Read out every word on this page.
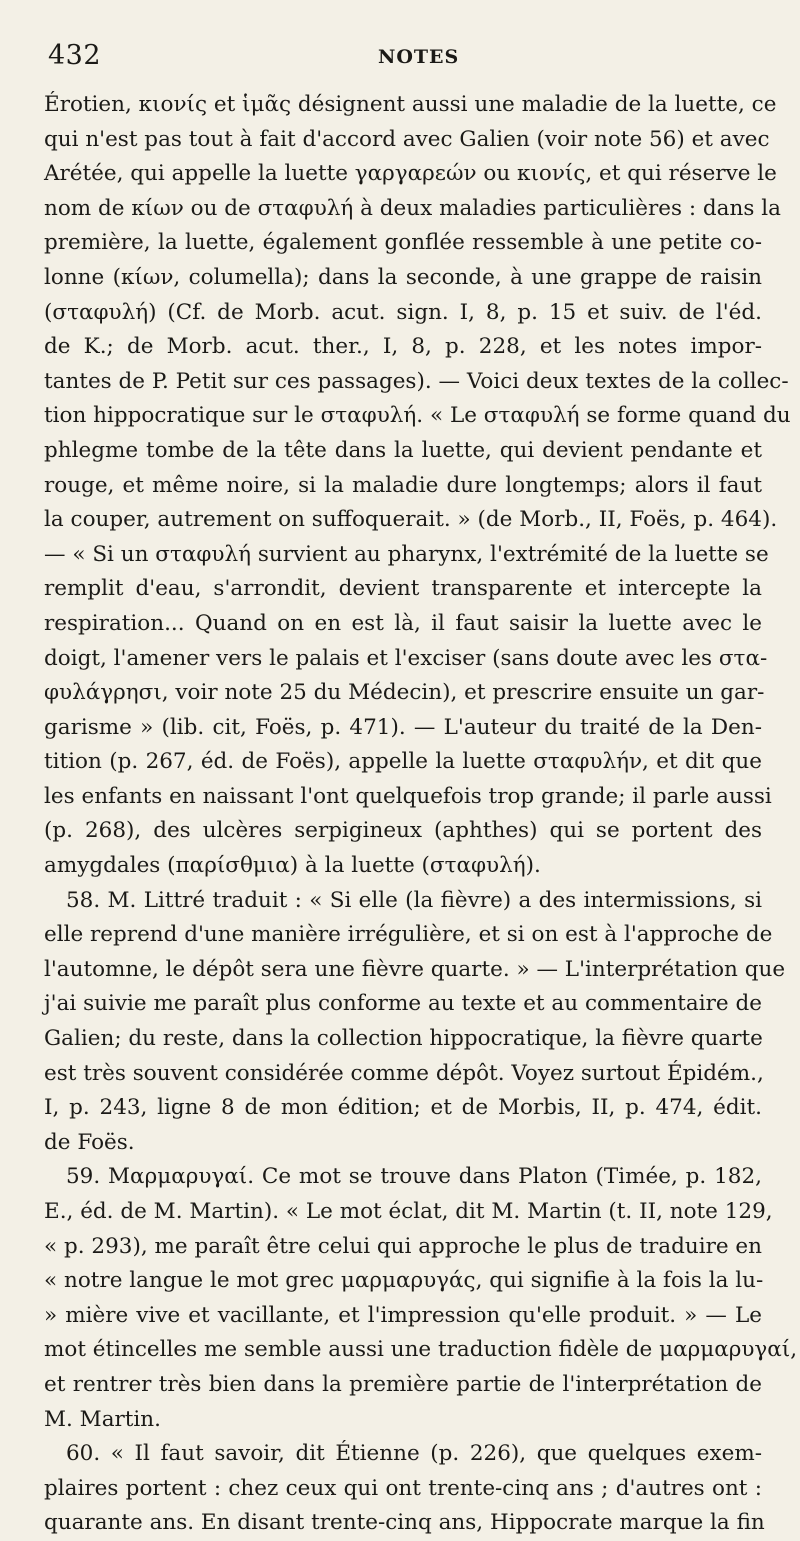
432	NOTES
Érotien, κιονίς et ἱμᾶς désignent aussi une maladie de la luette, ce
qui n'est pas tout à fait d'accord avec Galien (voir note 56) et avec
Arétée, qui appelle la luette γαργαρεών ou κιονίς, et qui réserve le
nom de κίων ou de σταφυλή à deux maladies particulières : dans la
première, la luette, également gonflée ressemble à une petite co-
lonne (κίων, columella); dans la seconde, à une grappe de raisin
(σταφυλή) (Cf. de Morb. acut. sign. I, 8, p. 15 et suiv. de l'éd.
de K.; de Morb. acut. ther., I, 8, p. 228, et les notes impor-
tantes de P. Petit sur ces passages). — Voici deux textes de la collec-
tion hippocratique sur le σταφυλή. « Le σταφυλή se forme quand du
phlegme tombe de la tête dans la luette, qui devient pendante et
rouge, et même noire, si la maladie dure longtemps; alors il faut
la couper, autrement on suffoquerait. » (de Morb., II, Foës, p. 464).
— « Si un σταφυλή survient au pharynx, l'extrémité de la luette se
remplit d'eau, s'arrondit, devient transparente et intercepte la
respiration... Quand on en est là, il faut saisir la luette avec le
doigt, l'amener vers le palais et l'exciser (sans doute avec les στα-
φυλάγρησι, voir note 25 du Médecin), et prescrire ensuite un gar-
garisme » (lib. cit, Foës, p. 471). — L'auteur du traité de la Den-
tition (p. 267, éd. de Foës), appelle la luette σταφυλήν, et dit que
les enfants en naissant l'ont quelquefois trop grande; il parle aussi
(p. 268), des ulcères serpigineux (aphthes) qui se portent des
amygdales (παρίσθμια) à la luette (σταφυλή).
58. M. Littré traduit : « Si elle (la fièvre) a des intermissions, si
elle reprend d'une manière irrégulière, et si on est à l'approche de
l'automne, le dépôt sera une fièvre quarte. » — L'interprétation que
j'ai suivie me paraît plus conforme au texte et au commentaire de
Galien; du reste, dans la collection hippocratique, la fièvre quarte
est très souvent considérée comme dépôt. Voyez surtout Épidém.,
I, p. 243, ligne 8 de mon édition; et de Morbis, II, p. 474, édit.
de Foës.
59. Μαρμαρυγαί. Ce mot se trouve dans Platon (Timée, p. 182,
E., éd. de M. Martin). « Le mot éclat, dit M. Martin (t. II, note 129,
« p. 293), me paraît être celui qui approche le plus de traduire en
« notre langue le mot grec μαρμαρυγάς, qui signifie à la fois la lu-
» mière vive et vacillante, et l'impression qu'elle produit. » — Le
mot étincelles me semble aussi une traduction fidèle de μαρμαρυγαί,
et rentrer très bien dans la première partie de l'interprétation de
M. Martin.
60. « Il faut savoir, dit Étienne (p. 226), que quelques exem-
plaires portent : chez ceux qui ont trente-cinq ans ; d'autres ont :
quarante ans. En disant trente-cinq ans, Hippocrate marque la fin
